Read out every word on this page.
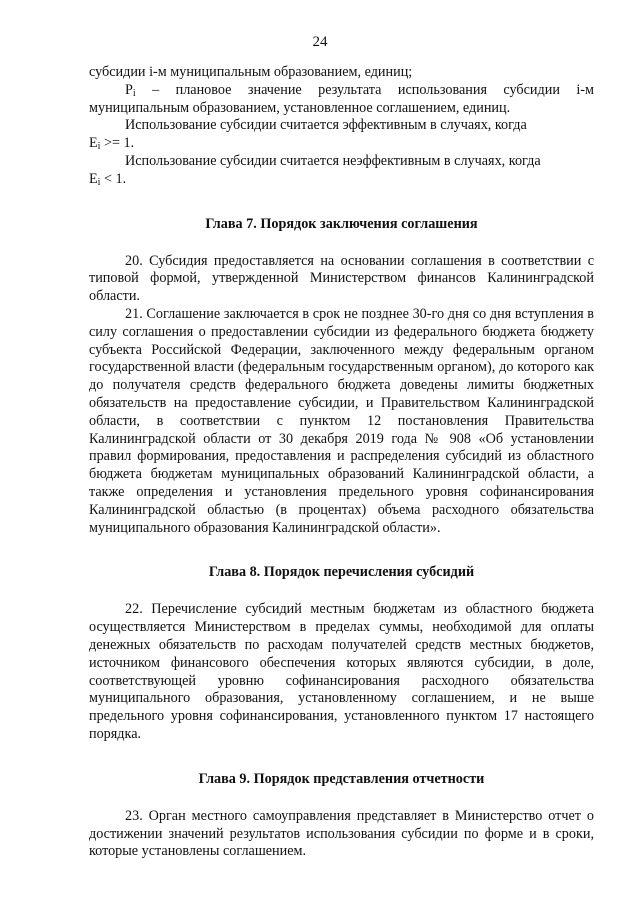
24

субсидии i-м муниципальным образованием, единиц;

$P_i$ – плановое значение результата использования субсидии i-м муниципальным образованием, установленное соглашением, единиц.

Использование субсидии считается эффективным в случаях, когда

$E_i >= 1$.

Использование субсидии считается неэффективным в случаях, когда

$E_i < 1$.

Глава 7. Порядок заключения соглашения

20. Субсидия предоставляется на основании соглашения в соответствии с типовой формой, утвержденной Министерством финансов Калининградской области.

21. Соглашение заключается в срок не позднее 30-го дня со дня вступления в силу соглашения о предоставлении субсидии из федерального бюджета бюджету субъекта Российской Федерации, заключенного между федеральным органом государственной власти (федеральным государственным органом), до которого как до получателя средств федерального бюджета доведены лимиты бюджетных обязательств на предоставление субсидии, и Правительством Калининградской области, в соответствии с пунктом 12 постановления Правительства Калининградской области от 30 декабря 2019 года № 908 «Об установлении правил формирования, предоставления и распределения субсидий из областного бюджета бюджетам муниципальных образований Калининградской области, а также определения и установления предельного уровня софинансирования Калининградской областью (в процентах) объема расходного обязательства муниципального образования Калининградской области».

Глава 8. Порядок перечисления субсидий

22. Перечисление субсидий местным бюджетам из областного бюджета осуществляется Министерством в пределах суммы, необходимой для оплаты денежных обязательств по расходам получателей средств местных бюджетов, источником финансового обеспечения которых являются субсидии, в доле, соответствующей уровню софинансирования расходного обязательства муниципального образования, установленному соглашением, и не выше предельного уровня софинансирования, установленного пунктом 17 настоящего порядка.

Глава 9. Порядок представления отчетности

23. Орган местного самоуправления представляет в Министерство отчет о достижении значений результатов использования субсидии по форме и в сроки, которые установлены соглашением.
